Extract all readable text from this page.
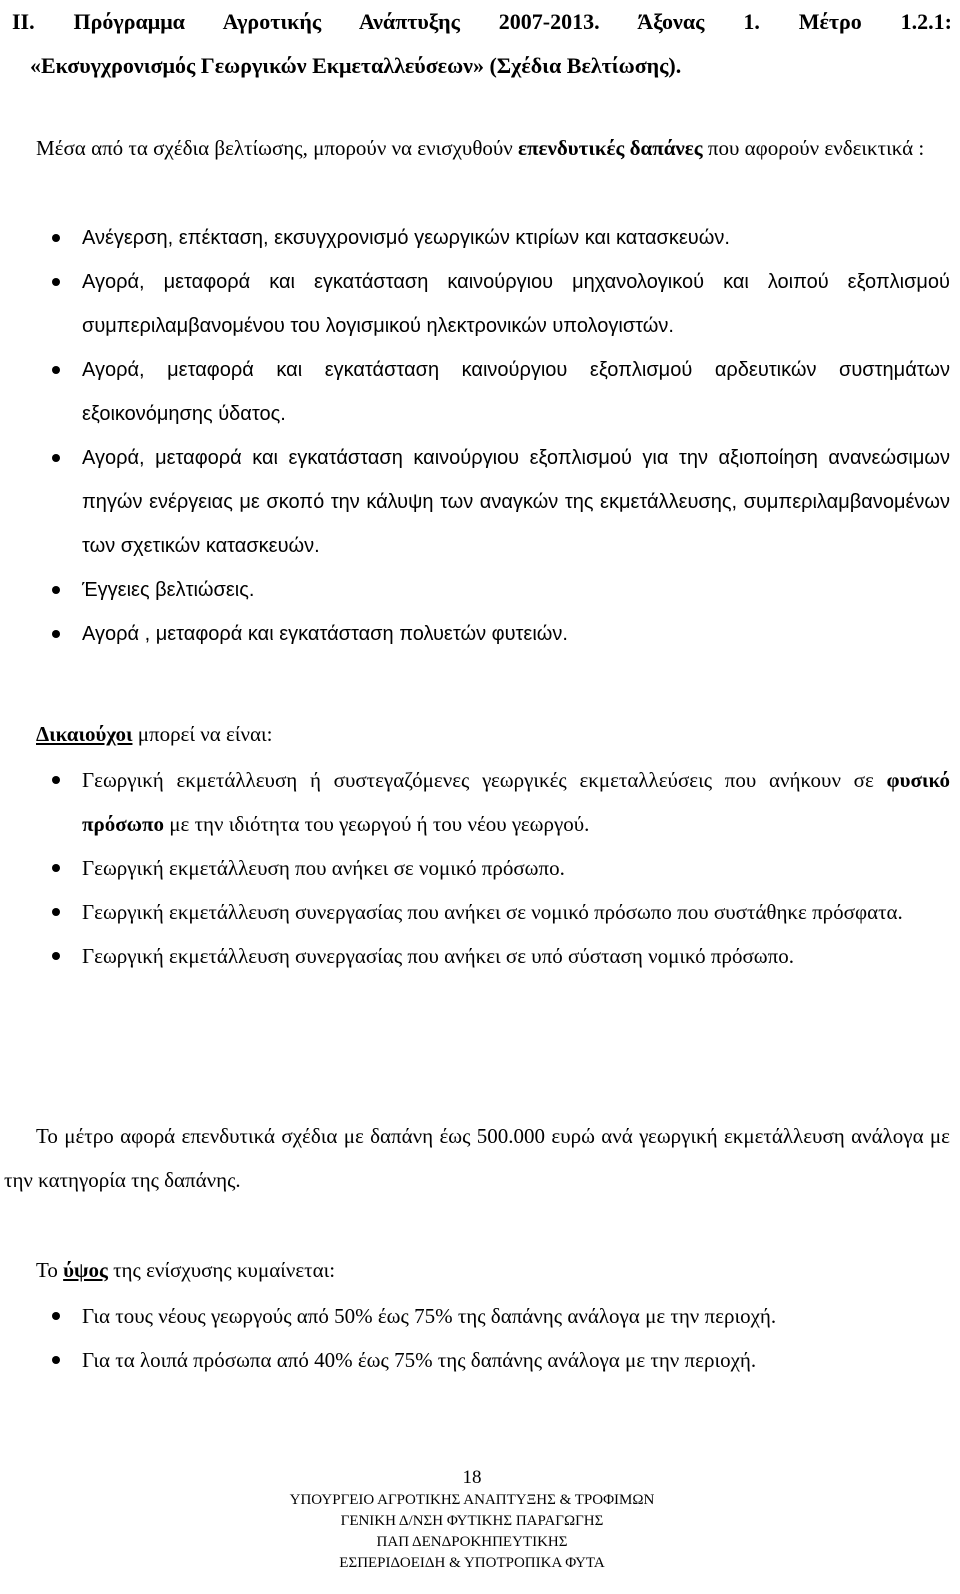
II. Πρόγραμμα Αγροτικής Ανάπτυξης 2007-2013. Άξονας 1. Μέτρο 1.2.1:
«Εκσυγχρονισμός Γεωργικών Εκμεταλλεύσεων» (Σχέδια Βελτίωσης).

Μέσα από τα σχέδια βελτίωσης, μπορούν να ενισχυθούν επενδυτικές δαπάνες που αφορούν ενδεικτικά :

Ανέγερση, επέκταση, εκσυγχρονισμό γεωργικών κτιρίων και κατασκευών.
Αγορά, μεταφορά και εγκατάσταση καινούργιου μηχανολογικού και λοιπού εξοπλισμού συμπεριλαμβανομένου του λογισμικού ηλεκτρονικών υπολογιστών.
Αγορά, μεταφορά και εγκατάσταση καινούργιου εξοπλισμού αρδευτικών συστημάτων εξοικονόμησης ύδατος.
Αγορά, μεταφορά και εγκατάσταση καινούργιου εξοπλισμού για την αξιοποίηση ανανεώσιμων πηγών ενέργειας με σκοπό την κάλυψη των αναγκών της εκμετάλλευσης, συμπεριλαμβανομένων των σχετικών κατασκευών.
Έγγειες βελτιώσεις.
Αγορά , μεταφορά και εγκατάσταση πολυετών φυτειών.

Δικαιούχοι μπορεί να είναι:

Γεωργική εκμετάλλευση ή συστεγαζόμενες γεωργικές εκμεταλλεύσεις που ανήκουν σε φυσικό πρόσωπο με την ιδιότητα του γεωργού ή του νέου γεωργού.
Γεωργική εκμετάλλευση που ανήκει σε νομικό πρόσωπο.
Γεωργική εκμετάλλευση συνεργασίας που ανήκει σε νομικό πρόσωπο που συστάθηκε πρόσφατα.
Γεωργική εκμετάλλευση συνεργασίας που ανήκει σε υπό σύσταση νομικό πρόσωπο.

Το μέτρο αφορά επενδυτικά σχέδια με δαπάνη έως 500.000 ευρώ ανά γεωργική εκμετάλλευση ανάλογα με την κατηγορία της δαπάνης.

Το ύψος της ενίσχυσης κυμαίνεται:

Για τους νέους γεωργούς από 50% έως 75% της δαπάνης ανάλογα με την περιοχή.
Για τα λοιπά πρόσωπα από 40% έως 75% της δαπάνης ανάλογα με την περιοχή.
18
ΥΠΟΥΡΓΕΙΟ ΑΓΡΟΤΙΚΗΣ ΑΝΑΠΤΥΞΗΣ & ΤΡΟΦΙΜΩΝ
ΓΕΝΙΚΗ Δ/ΝΣΗ ΦΥΤΙΚΗΣ ΠΑΡΑΓΩΓΗΣ
ΠΑΠ ΔΕΝΔΡΟΚΗΠΕΥΤΙΚΗΣ
ΕΣΠΕΡΙΔΟΕΙΔΗ & ΥΠΟΤΡΟΠΙΚΑ ΦΥΤΑ
